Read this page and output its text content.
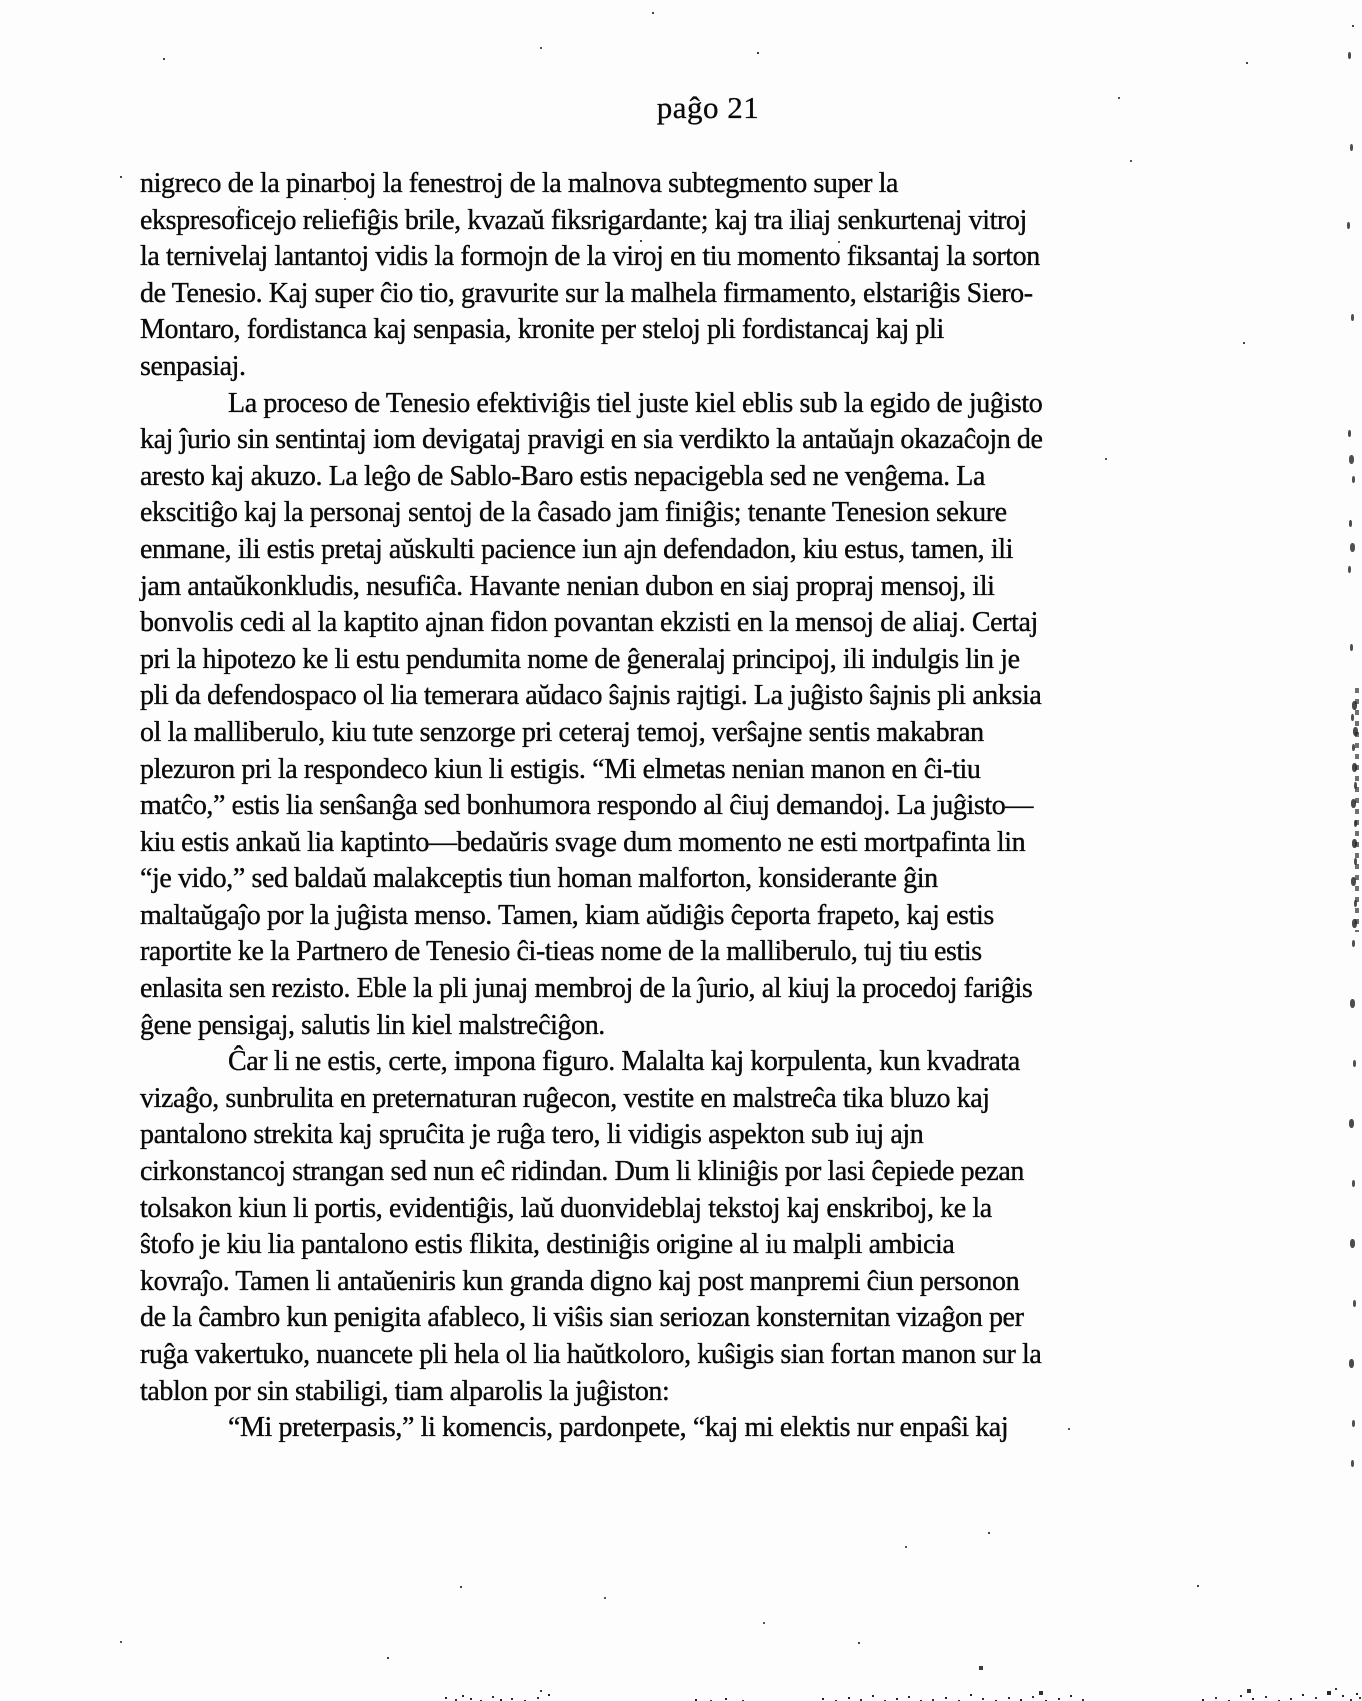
paĝo 21
nigreco de la pinarboj la fenestroj de la malnova subtegmento super la
ekspresoficejo reliefiĝis brile, kvazaŭ fiksrigardante; kaj tra iliaj senkurtenaj vitroj
la ternivelaj lantantoj vidis la formojn de la viroj en tiu momento fiksantaj la sorton
de Tenesio. Kaj super ĉio tio, gravurite sur la malhela firmamento, elstariĝis Siero-
Montaro, fordistanca kaj senpasia, kronite per steloj pli fordistancaj kaj pli
senpasiaj.
La proceso de Tenesio efektiviĝis tiel juste kiel eblis sub la egido de juĝisto
kaj ĵurio sin sentintaj iom devigataj pravigi en sia verdikto la antaŭajn okazaĉojn de
aresto kaj akuzo. La leĝo de Sablo-Baro estis nepacigebla sed ne venĝema. La
ekscitiĝo kaj la personaj sentoj de la ĉasado jam finiĝis; tenante Tenesion sekure
enmane, ili estis pretaj aŭskulti pacience iun ajn defendadon, kiu estus, tamen, ili
jam antaŭkonkludis, nesufiĉa. Havante nenian dubon en siaj propraj mensoj, ili
bonvolis cedi al la kaptito ajnan fidon povantan ekzisti en la mensoj de aliaj. Certaj
pri la hipotezo ke li estu pendumita nome de ĝeneralaj principoj, ili indulgis lin je
pli da defendospaco ol lia temerara aŭdaco ŝajnis rajtigi. La juĝisto ŝajnis pli anksia
ol la malliberulo, kiu tute senzorge pri ceteraj temoj, verŝajne sentis makabran
plezuron pri la respondeco kiun li estigis. “Mi elmetas nenian manon en ĉi-tiu
matĉo,” estis lia senŝanĝa sed bonhumora respondo al ĉiuj demandoj. La juĝisto—
kiu estis ankaŭ lia kaptinto—bedaŭris svage dum momento ne esti mortpafinta lin
“je vido,” sed baldaŭ malakceptis tiun homan malforton, konsiderante ĝin
maltaŭgaĵo por la juĝista menso. Tamen, kiam aŭdiĝis ĉeporta frapeto, kaj estis
raportite ke la Partnero de Tenesio ĉi-tieas nome de la malliberulo, tuj tiu estis
enlasita sen rezisto. Eble la pli junaj membroj de la ĵurio, al kiuj la procedoj fariĝis
ĝene pensigaj, salutis lin kiel malstreĉiĝon.
Ĉar li ne estis, certe, impona figuro. Malalta kaj korpulenta, kun kvadrata
vizaĝo, sunbrulita en preternaturan ruĝecon, vestite en malstreĉa tika bluzo kaj
pantalono strekita kaj spruĉita je ruĝa tero, li vidigis aspekton sub iuj ajn
cirkonstancoj strangan sed nun eĉ ridindan. Dum li kliniĝis por lasi ĉepiede pezan
tolsakon kiun li portis, evidentiĝis, laŭ duonvideblaj tekstoj kaj enskriboj, ke la
ŝtofo je kiu lia pantalono estis flikita, destiniĝis origine al iu malpli ambicia
kovraĵo. Tamen li antaŭeniris kun granda digno kaj post manpremi ĉiun personon
de la ĉambro kun penigita afableco, li viŝis sian seriozan konsternitan vizaĝon per
ruĝa vakertuko, nuancete pli hela ol lia haŭtkoloro, kuŝigis sian fortan manon sur la
tablon por sin stabiligi, tiam alparolis la juĝiston:
“Mi preterpasis,” li komencis, pardonpete, “kaj mi elektis nur enpaŝi kaj
